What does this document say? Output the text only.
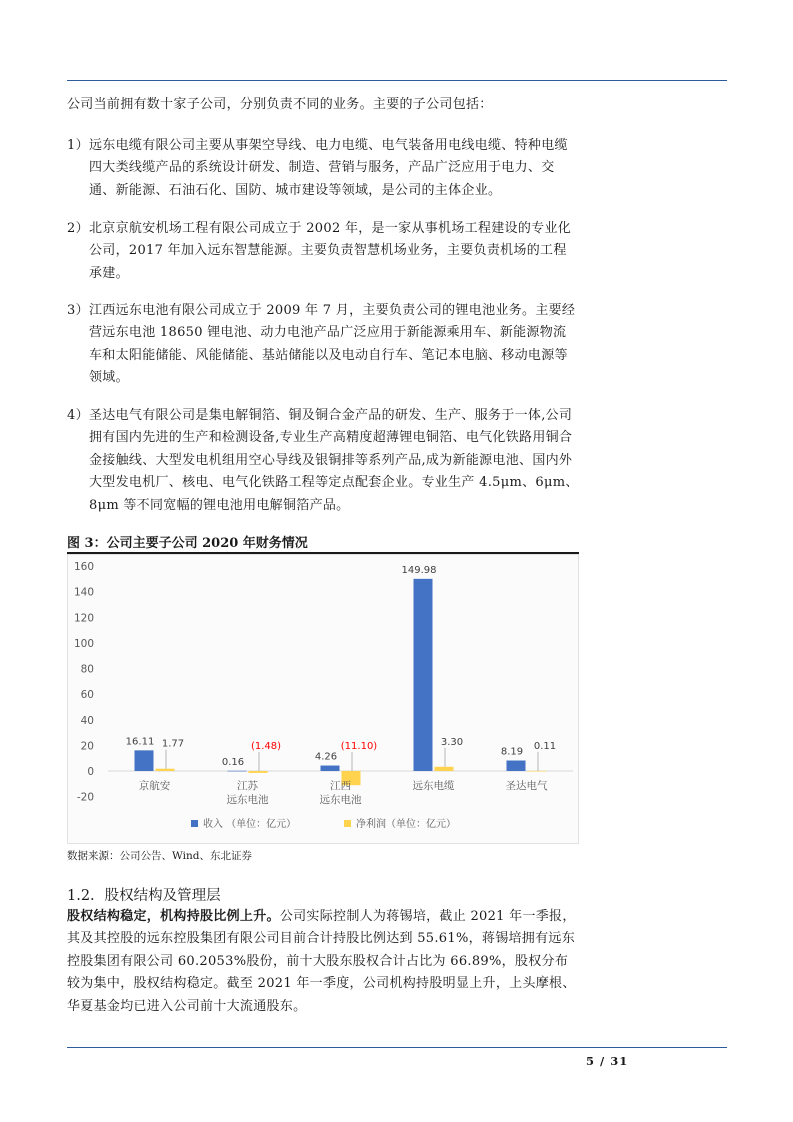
公司当前拥有数十家子公司，分别负责不同的业务。主要的子公司包括：

1） 远东电缆有限公司主要从事架空导线、电力电缆、电气装备用电线电缆、特种电缆四大类线缆产品的系统设计研发、制造、营销与服务，产品广泛应用于电力、交通、新能源、石油石化、国防、城市建设等领域，是公司的主体企业。
2） 北京京航安机场工程有限公司成立于 2002 年，是一家从事机场工程建设的专业化公司，2017 年加入远东智慧能源。主要负责智慧机场业务，主要负责机场的工程承建。
3） 江西远东电池有限公司成立于 2009 年 7 月，主要负责公司的锂电池业务。主要经营远东电池 18650 锂电池、动力电池产品广泛应用于新能源乘用车、新能源物流车和太阳能储能、风能储能、基站储能以及电动自行车、笔记本电脑、移动电源等领域。
4） 圣达电气有限公司是集电解铜箔、铜及铜合金产品的研发、生产、服务于一体,公司拥有国内先进的生产和检测设备,专业生产高精度超薄锂电铜箔、电气化铁路用铜合金接触线、大型发电机组用空心导线及银铜排等系列产品,成为新能源电池、国内外大型发电机厂、核电、电气化铁路工程等定点配套企业。专业生产 4.5μm、6μm、8μm 等不同宽幅的锂电池用电解铜箔产品。
图 3：公司主要子公司 2020 年财务情况
160
140
120
100
80
60
40
20
0
-20
16.11 1.77
京航安
0.16
(1.48)
江苏
远东电池
4.26
(11.10)
江西
远东电池
149.98
3.30
远东电缆
8.19
0.11
圣达电气
收入 （单位：亿元）	净利润（单位：亿元）
数据来源：公司公告、Wind、东北证券
1.2. 股权结构及管理层

股权结构稳定，机构持股比例上升。公司实际控制人为蒋锡培，截止 2021 年一季报，其及其控股的远东控股集团有限公司目前合计持股比例达到 55.61%，蒋锡培拥有远东控股集团有限公司 60.2053%股份，前十大股东股权合计占比为 66.89%，股权分布较为集中，股权结构稳定。截至 2021 年一季度，公司机构持股明显上升，上头摩根、华夏基金均已进入公司前十大流通股东。

5 / 31
